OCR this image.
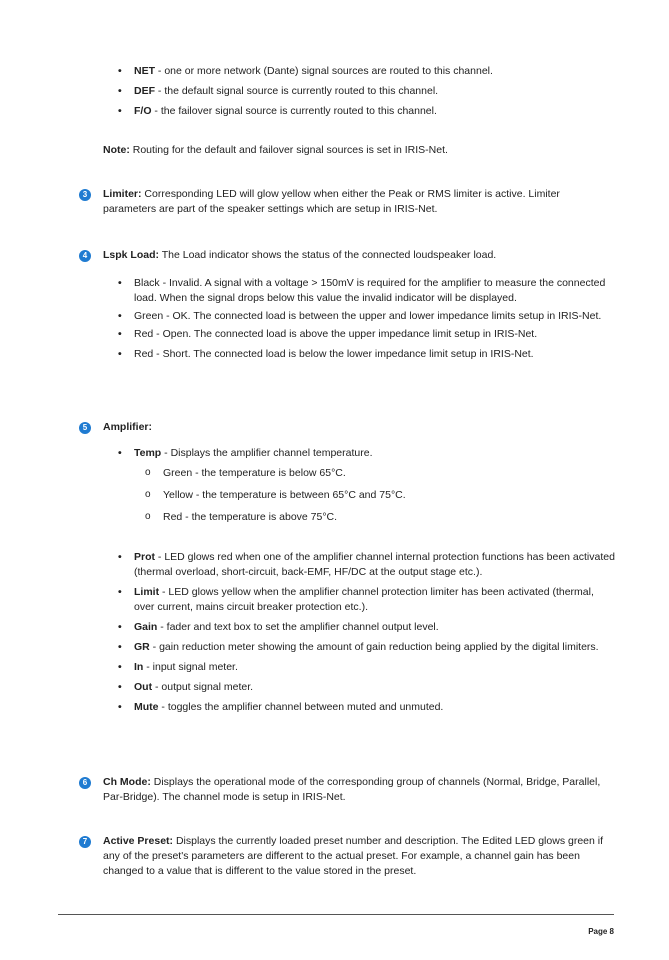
• NET - one or more network (Dante) signal sources are routed to this channel.
• DEF - the default signal source is currently routed to this channel.
• F/O - the failover signal source is currently routed to this channel.
Note: Routing for the default and failover signal sources is set in IRIS-Net.
3	Limiter: Corresponding LED will glow yellow when either the Peak or RMS limiter is active. Limiter parameters are part of the speaker settings which are setup in IRIS-Net.
4	Lspk Load: The Load indicator shows the status of the connected loudspeaker load.
• Black - Invalid. A signal with a voltage > 150mV is required for the amplifier to measure the connected load. When the signal drops below this value the invalid indicator will be displayed.
• Green - OK. The connected load is between the upper and lower impedance limits setup in IRIS-Net.
• Red - Open. The connected load is above the upper impedance limit setup in IRIS-Net.
• Red - Short. The connected load is below the lower impedance limit setup in IRIS-Net.
5	Amplifier:
• Temp - Displays the amplifier channel temperature.
o Green - the temperature is below 65°C.
o Yellow - the temperature is between 65°C and 75°C.
o Red - the temperature is above 75°C.
• Prot - LED glows red when one of the amplifier channel internal protection functions has been activated (thermal overload, short-circuit, back-EMF, HF/DC at the output stage etc.).
• Limit - LED glows yellow when the amplifier channel protection limiter has been activated (thermal, over current, mains circuit breaker protection etc.).
• Gain - fader and text box to set the amplifier channel output level.
• GR - gain reduction meter showing the amount of gain reduction being applied by the digital limiters.
• In - input signal meter.
• Out - output signal meter.
• Mute - toggles the amplifier channel between muted and unmuted.
6	Ch Mode: Displays the operational mode of the corresponding group of channels (Normal, Bridge, Parallel, Par-Bridge). The channel mode is setup in IRIS-Net.
7	Active Preset: Displays the currently loaded preset number and description. The Edited LED glows green if any of the preset's parameters are different to the actual preset. For example, a channel gain has been changed to a value that is different to the value stored in the preset.
Page 8
